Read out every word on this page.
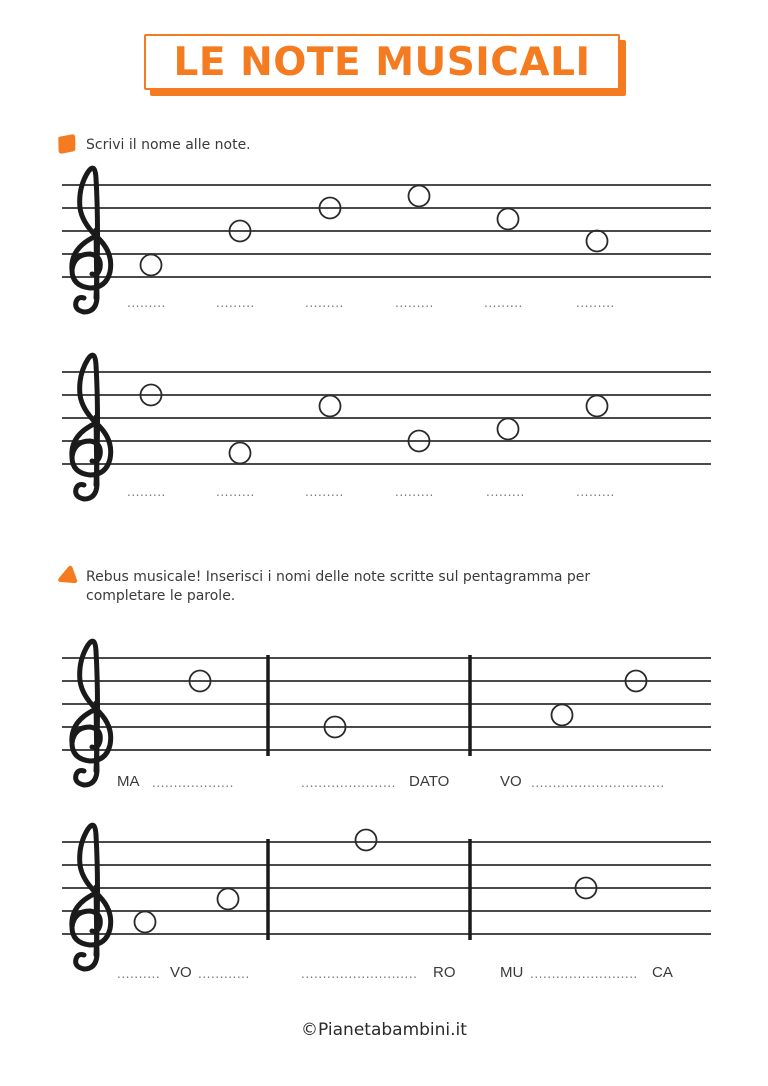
LE NOTE MUSICALI
Scrivi il nome alle note.
Rebus musicale! Inserisci i nomi delle note scritte sul pentagramma per
completare le parole.
.........	.........	.........	.........	.........	.........
.........	.........	.........	.........	.........	.........
MA ...................	...................... DATO	VO ...............................
.......... VO ............	........................... RO	MU ......................... CA
©Pianetabambini.it
